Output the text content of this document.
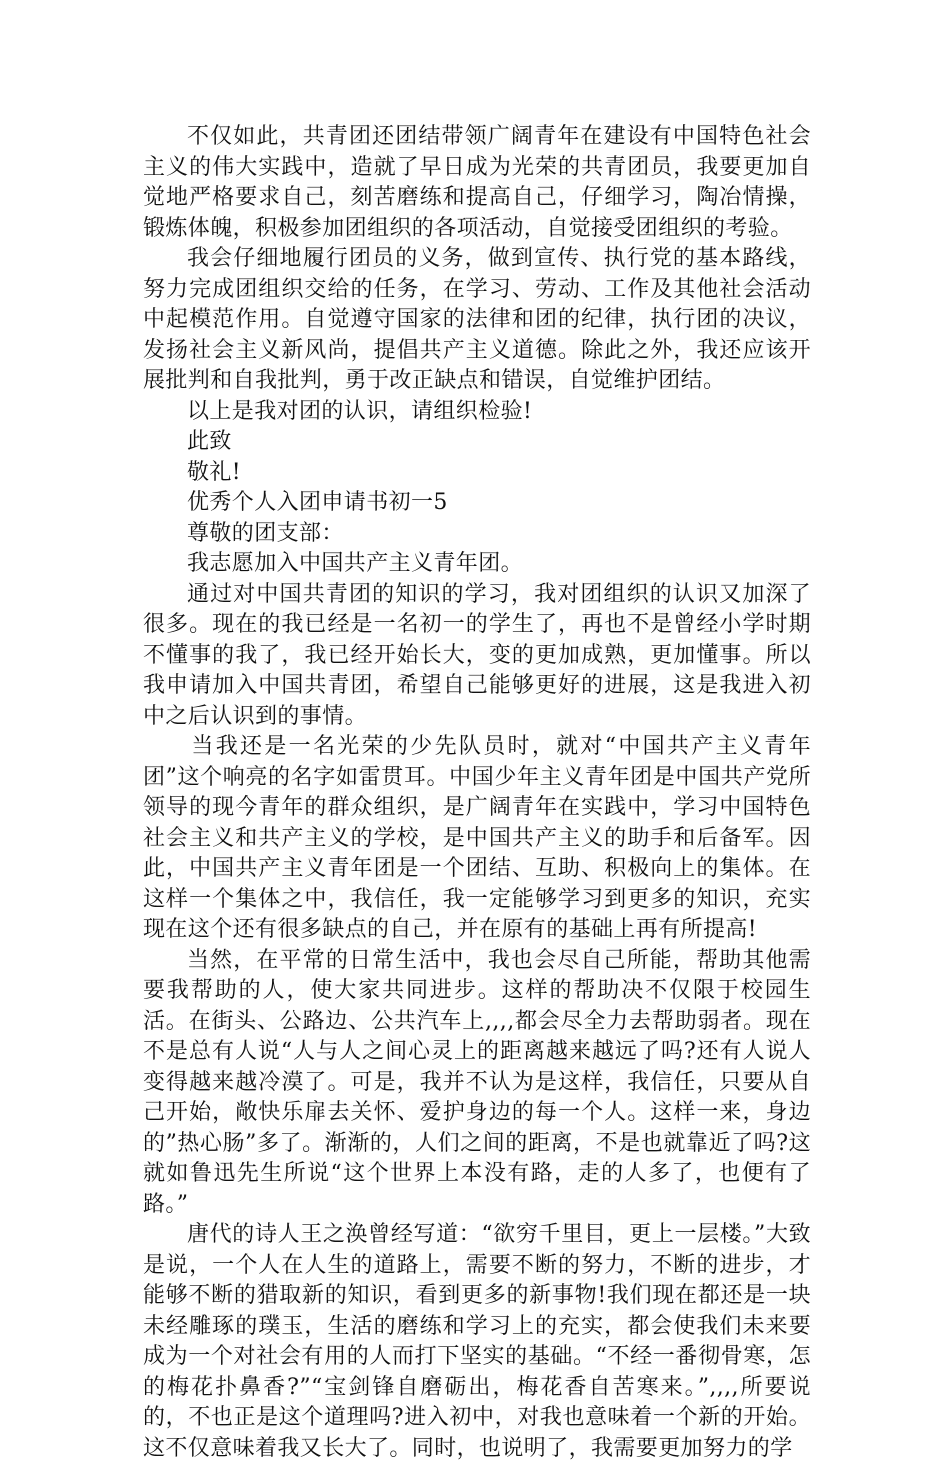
不仅如此，共青团还团结带领广阔青年在建设有中国特色社会主义的伟大实践中，造就了早日成为光荣的共青团员，我要更加自觉地严格要求自己，刻苦磨练和提高自己，仔细学习，陶冶情操，锻炼体魄，积极参加团组织的各项活动，自觉接受团组织的考验。

我会仔细地履行团员的义务，做到宣传、执行党的基本路线，努力完成团组织交给的任务，在学习、劳动、工作及其他社会活动中起模范作用。自觉遵守国家的法律和团的纪律，执行团的决议，发扬社会主义新风尚，提倡共产主义道德。除此之外，我还应该开展批判和自我批判，勇于改正缺点和错误，自觉维护团结。

以上是我对团的认识，请组织检验!

此致

敬礼!

优秀个人入团申请书初一5

尊敬的团支部：

我志愿加入中国共产主义青年团。

通过对中国共青团的知识的学习，我对团组织的认识又加深了很多。现在的我已经是一名初一的学生了，再也不是曾经小学时期不懂事的我了，我已经开始长大，变的更加成熟，更加懂事。所以我申请加入中国共青团，希望自己能够更好的进展，这是我进入初中之后认识到的事情。

当我还是一名光荣的少先队员时，就对“中国共产主义青年团”这个响亮的名字如雷贯耳。中国少年主义青年团是中国共产党所领导的现今青年的群众组织，是广阔青年在实践中，学习中国特色社会主义和共产主义的学校，是中国共产主义的助手和后备军。因此，中国共产主义青年团是一个团结、互助、积极向上的集体。在这样一个集体之中，我信任，我一定能够学习到更多的知识，充实现在这个还有很多缺点的自己，并在原有的基础上再有所提高!

当然，在平常的日常生活中，我也会尽自己所能，帮助其他需要我帮助的人，使大家共同进步。这样的帮助决不仅限于校园生活。在街头、公路边、公共汽车上,,,,都会尽全力去帮助弱者。现在不是总有人说“人与人之间心灵上的距离越来越远了吗?还有人说人变得越来越冷漠了。可是，我并不认为是这样，我信任，只要从自己开始，敞快乐扉去关怀、爱护身边的每一个人。这样一来，身边的”热心肠”多了。渐渐的，人们之间的距离，不是也就靠近了吗?这就如鲁迅先生所说“这个世界上本没有路，走的人多了，也便有了路。”

唐代的诗人王之涣曾经写道：“欲穷千里目，更上一层楼。”大致是说，一个人在人生的道路上，需要不断的努力，不断的进步，才能够不断的猎取新的知识，看到更多的新事物!我们现在都还是一块未经雕琢的璞玉，生活的磨练和学习上的充实，都会使我们未来要成为一个对社会有用的人而打下坚实的基础。“不经一番彻骨寒，怎的梅花扑鼻香?”“宝剑锋自磨砺出，梅花香自苦寒来。”,,,,所要说的，不也正是这个道理吗?进入初中，对我也意味着一个新的开始。这不仅意味着我又长大了。同时，也说明了，我需要更加努力的学
